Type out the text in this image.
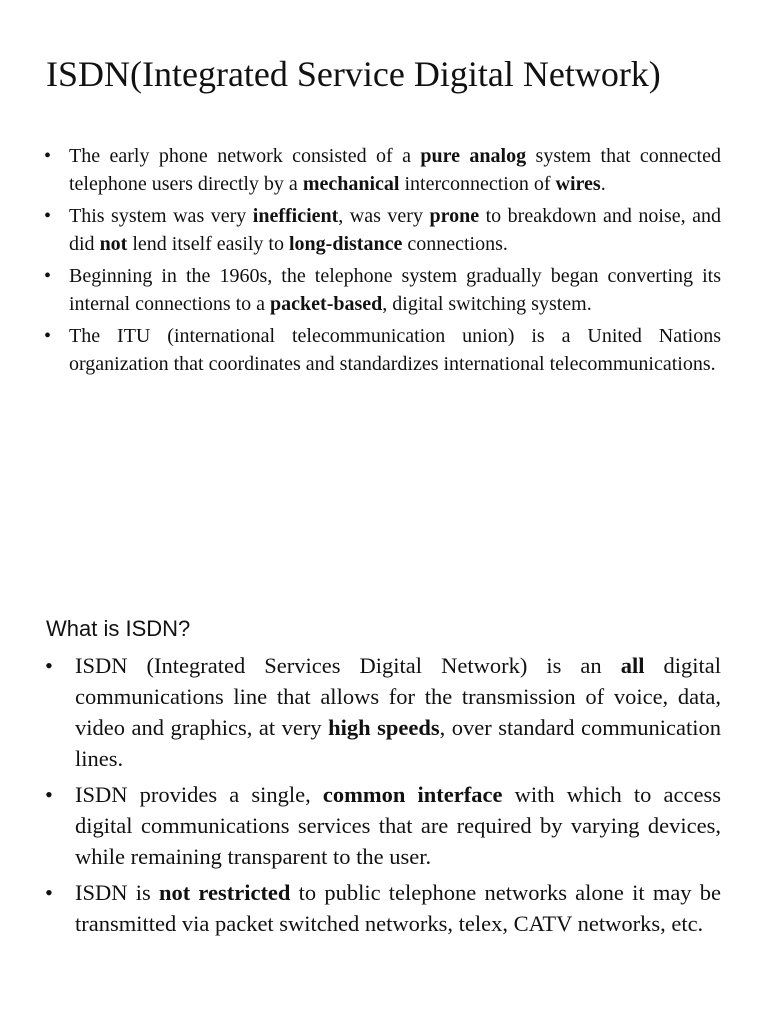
ISDN(Integrated Service Digital Network)
• The early phone network consisted of a pure analog system that connected telephone users directly by a mechanical interconnection of wires.
• This system was very inefficient, was very prone to breakdown and noise, and did not lend itself easily to long-distance connections.
• Beginning in the 1960s, the telephone system gradually began converting its internal connections to a packet-based, digital switching system.
• The ITU (international telecommunication union) is a United Nations organization that coordinates and standardizes international telecommunications.
What is ISDN?
• ISDN (Integrated Services Digital Network) is an all digital communications line that allows for the transmission of voice, data, video and graphics, at very high speeds, over standard communication lines.
• ISDN provides a single, common interface with which to access digital communications services that are required by varying devices, while remaining transparent to the user.
• ISDN is not restricted to public telephone networks alone it may be transmitted via packet switched networks, telex, CATV networks, etc.
